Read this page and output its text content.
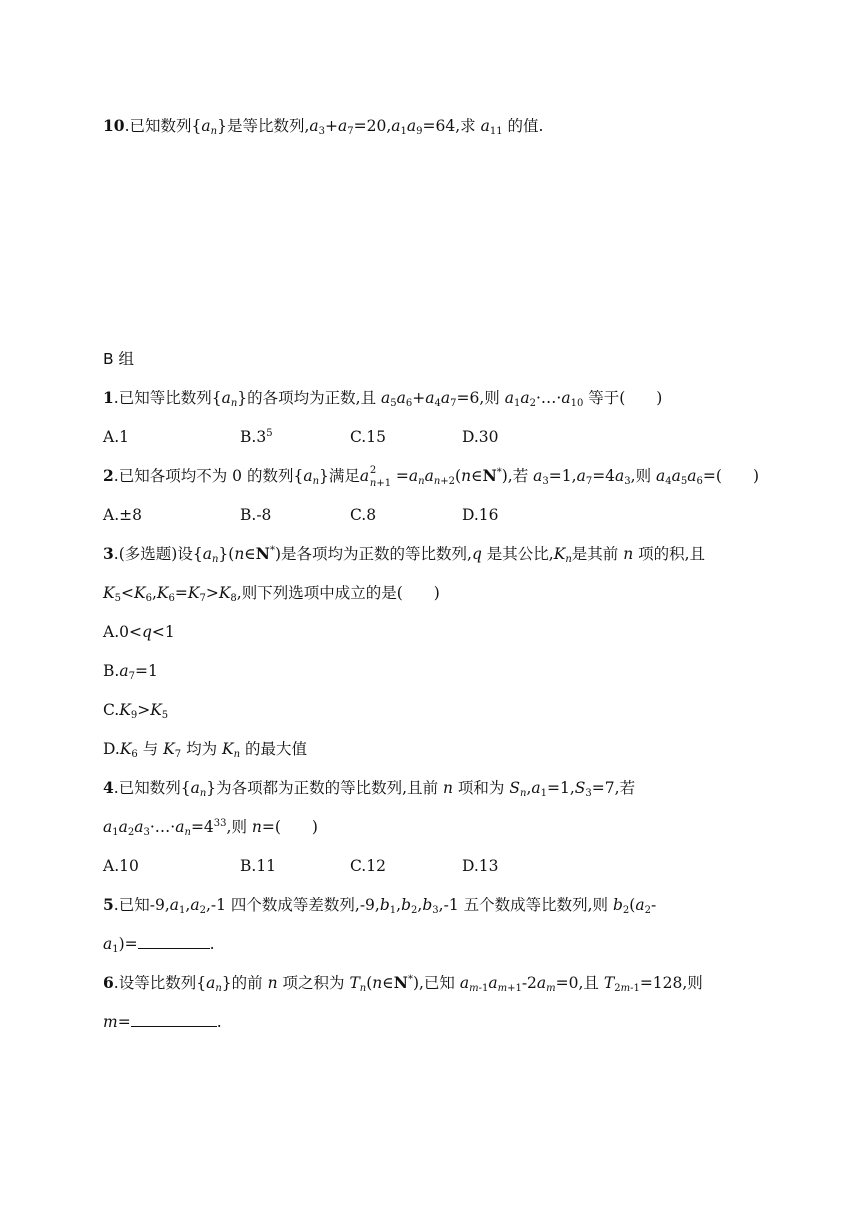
10.已知数列$\{a_n\}$是等比数列$,a_3+a_7=20,a_1a_9=64$,求 $a_{11}$ 的值.
B 组
1.已知等比数列$\{a_n\}$的各项均为正数,且 $a_5a_6+a_4a_7=6$,则 $a_1a_2\cdot\dots\cdot a_{10}$ 等于(　　)
A.1	$B.3^5$	C.15	D.30
2.已知各项均不为 0 的数列$\{a_n\}$满足 a 2
$n+1 =a_na_{n+2}(n\in N^*)$,若 $a_3=1,a_7=4a_3$,则 $a_4a_5a_6=$(　　)
A.±8	B.-8	C.8	D.16
3.(多选题)设$\{a_n\}(n\in N^*)$是各项均为正数的等比数列,q 是其公比$,K_n$是其前 n 项的积,且
$K_5<K_6,K_6=K_7>K_8$,则下列选项中成立的是(　　)
A.0<q<1
$B.a_7=1$
$C.K_9>K_5$
$D.K_6$ 与 $K_7$ 均为 $K_n$ 的最大值
4.已知数列$\{a_n\}$为各项都为正数的等比数列,且前 n 项和为 $S_n,a_1=1,S_3=7$,若
$a_1a_2a_3\cdot\dots\cdot a_n=4^{33}$,则 n=(　　)
A.10	B.11	C.12	D.13
5.已知$-9,a_1,a_2,-1$ 四个数成等差数列$,-9,b_1,b_2,b_3,-1$ 五个数成等比数列,则 $b_2(a_2-$
$a_1)=$	.
6.设等比数列$\{a_n\}$的前 n 项之积为 $T_n(n\in N^*)$,已知 $a_{m-1}a_{m+1}-2a_m=0$,且 $T_{2m-1}=128$,则
m=	.
